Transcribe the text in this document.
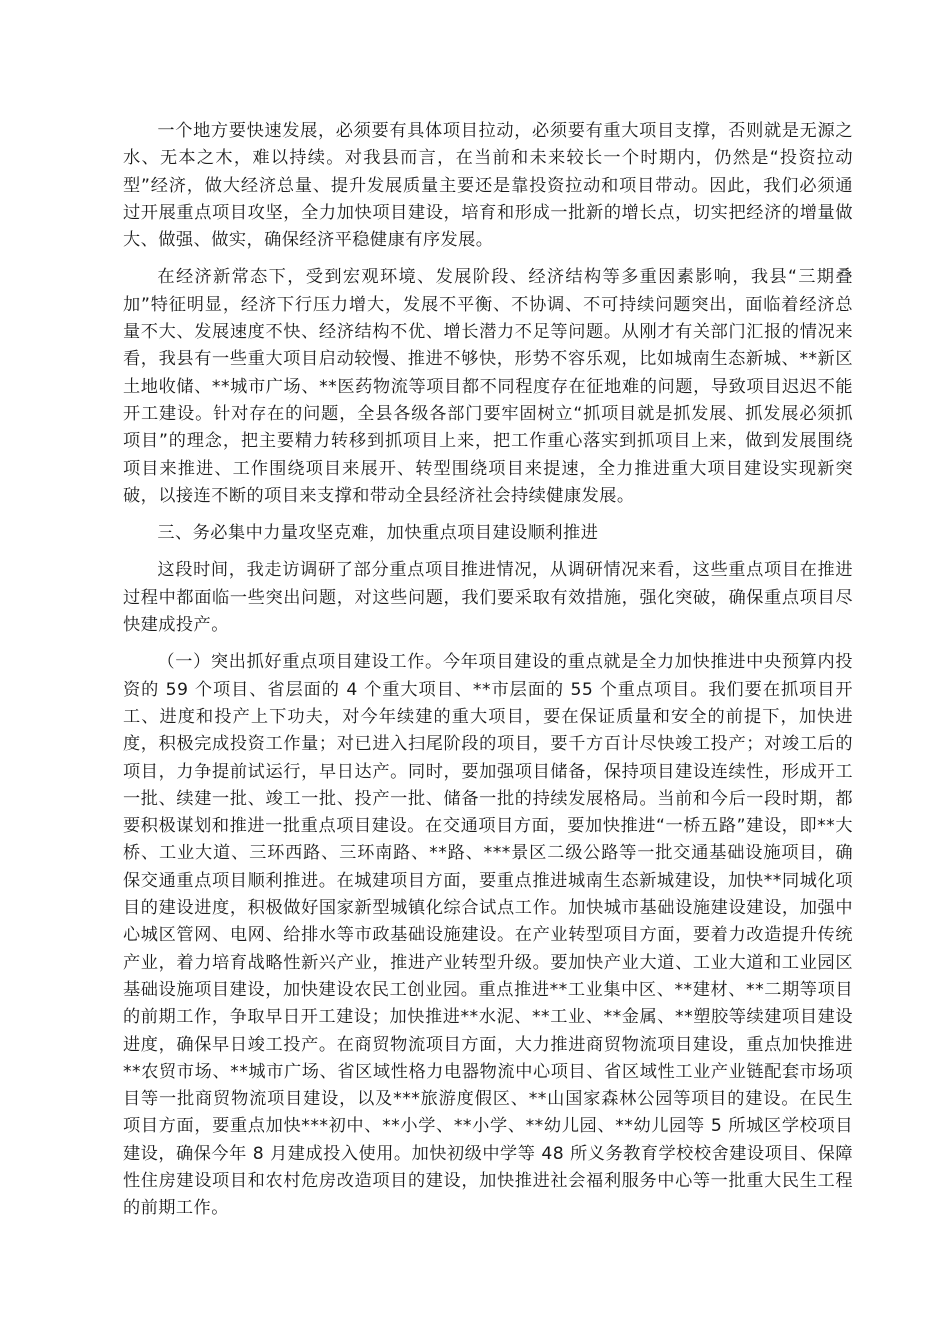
一个地方要快速发展，必须要有具体项目拉动，必须要有重大项目支撑，否则就是无源之水、无本之木，难以持续。对我县而言，在当前和未来较长一个时期内，仍然是“投资拉动型”经济，做大经济总量、提升发展质量主要还是靠投资拉动和项目带动。因此，我们必须通过开展重点项目攻坚，全力加快项目建设，培育和形成一批新的增长点，切实把经济的增量做大、做强、做实，确保经济平稳健康有序发展。

在经济新常态下，受到宏观环境、发展阶段、经济结构等多重因素影响，我县“三期叠加”特征明显，经济下行压力增大，发展不平衡、不协调、不可持续问题突出，面临着经济总量不大、发展速度不快、经济结构不优、增长潜力不足等问题。从刚才有关部门汇报的情况来看，我县有一些重大项目启动较慢、推进不够快，形势不容乐观，比如城南生态新城、**新区土地收储、**城市广场、**医药物流等项目都不同程度存在征地难的问题，导致项目迟迟不能开工建设。针对存在的问题，全县各级各部门要牢固树立“抓项目就是抓发展、抓发展必须抓项目”的理念，把主要精力转移到抓项目上来，把工作重心落实到抓项目上来，做到发展围绕项目来推进、工作围绕项目来展开、转型围绕项目来提速，全力推进重大项目建设实现新突破，以接连不断的项目来支撑和带动全县经济社会持续健康发展。

三、务必集中力量攻坚克难，加快重点项目建设顺利推进

这段时间，我走访调研了部分重点项目推进情况，从调研情况来看，这些重点项目在推进过程中都面临一些突出问题，对这些问题，我们要采取有效措施，强化突破，确保重点项目尽快建成投产。

（一）突出抓好重点项目建设工作。今年项目建设的重点就是全力加快推进中央预算内投资的 59 个项目、省层面的 4 个重大项目、**市层面的 55 个重点项目。我们要在抓项目开工、进度和投产上下功夫，对今年续建的重大项目，要在保证质量和安全的前提下，加快进度，积极完成投资工作量；对已进入扫尾阶段的项目，要千方百计尽快竣工投产；对竣工后的项目，力争提前试运行，早日达产。同时，要加强项目储备，保持项目建设连续性，形成开工一批、续建一批、竣工一批、投产一批、储备一批的持续发展格局。当前和今后一段时期，都要积极谋划和推进一批重点项目建设。在交通项目方面，要加快推进“一桥五路”建设，即**大桥、工业大道、三环西路、三环南路、**路、***景区二级公路等一批交通基础设施项目，确保交通重点项目顺利推进。在城建项目方面，要重点推进城南生态新城建设，加快**同城化项目的建设进度，积极做好国家新型城镇化综合试点工作。加快城市基础设施建设建设，加强中心城区管网、电网、给排水等市政基础设施建设。在产业转型项目方面，要着力改造提升传统产业，着力培育战略性新兴产业，推进产业转型升级。要加快产业大道、工业大道和工业园区基础设施项目建设，加快建设农民工创业园。重点推进**工业集中区、**建材、**二期等项目的前期工作，争取早日开工建设；加快推进**水泥、**工业、**金属、**塑胶等续建项目建设进度，确保早日竣工投产。在商贸物流项目方面，大力推进商贸物流项目建设，重点加快推进**农贸市场、**城市广场、省区域性格力电器物流中心项目、省区域性工业产业链配套市场项目等一批商贸物流项目建设，以及***旅游度假区、**山国家森林公园等项目的建设。在民生项目方面，要重点加快***初中、**小学、**小学、**幼儿园、**幼儿园等 5 所城区学校项目建设，确保今年 8 月建成投入使用。加快初级中学等 48 所义务教育学校校舍建设项目、保障性住房建设项目和农村危房改造项目的建设，加快推进社会福利服务中心等一批重大民生工程的前期工作。
